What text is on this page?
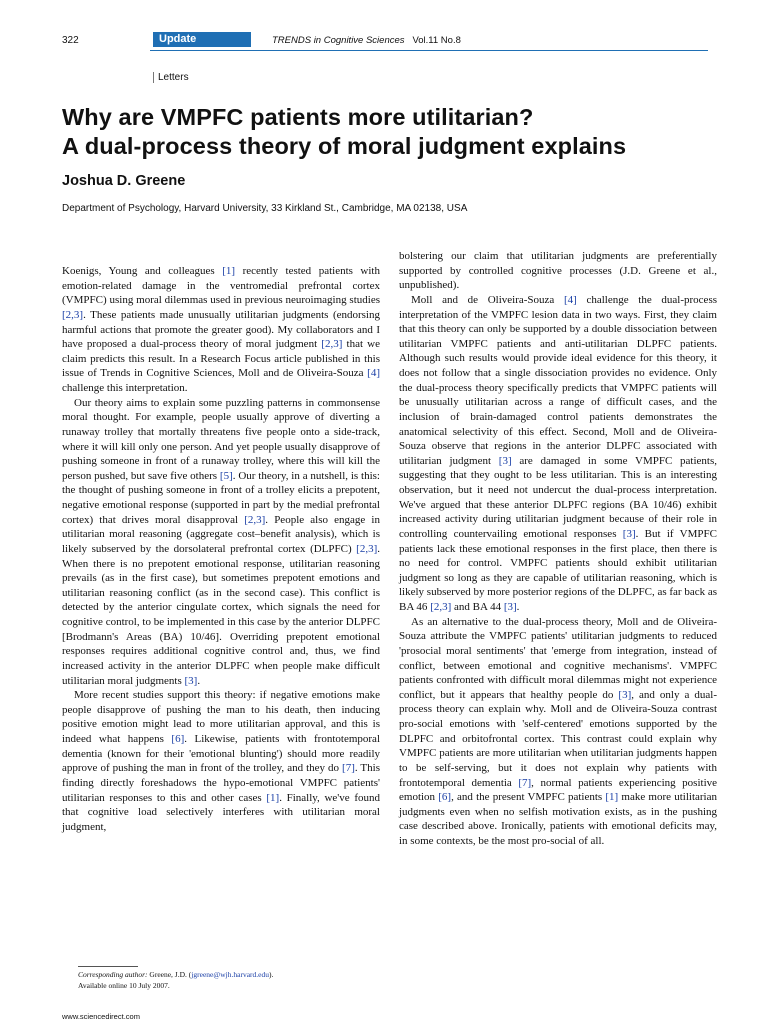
322	Update	TRENDS in Cognitive Sciences Vol.11 No.8
Letters
Why are VMPFC patients more utilitarian?
A dual-process theory of moral judgment explains
Joshua D. Greene
Department of Psychology, Harvard University, 33 Kirkland St., Cambridge, MA 02138, USA

Koenigs, Young and colleagues [1] recently tested patients with emotion-related damage in the ventromedial prefrontal cortex (VMPFC) using moral dilemmas used in previous neuroimaging studies [2,3]. These patients made unusually utilitarian judgments (endorsing harmful actions that promote the greater good). My collaborators and I have proposed a dual-process theory of moral judgment [2,3] that we claim predicts this result. In a Research Focus article published in this issue of Trends in Cognitive Sciences, Moll and de Oliveira-Souza [4] challenge this interpretation.

Our theory aims to explain some puzzling patterns in commonsense moral thought. For example, people usually approve of diverting a runaway trolley that mortally threatens five people onto a side-track, where it will kill only one person. And yet people usually disapprove of pushing someone in front of a runaway trolley, where this will kill the person pushed, but save five others [5]. Our theory, in a nutshell, is this: the thought of pushing someone in front of a trolley elicits a prepotent, negative emotional response (supported in part by the medial prefrontal cortex) that drives moral disapproval [2,3]. People also engage in utilitarian moral reasoning (aggregate cost–benefit analysis), which is likely subserved by the dorsolateral prefrontal cortex (DLPFC) [2,3]. When there is no prepotent emotional response, utilitarian reasoning prevails (as in the first case), but sometimes prepotent emotions and utilitarian reasoning conflict (as in the second case). This conflict is detected by the anterior cingulate cortex, which signals the need for cognitive control, to be implemented in this case by the anterior DLPFC [Brodmann's Areas (BA) 10/46]. Overriding prepotent emotional responses requires additional cognitive control and, thus, we find increased activity in the anterior DLPFC when people make difficult utilitarian moral judgments [3].

More recent studies support this theory: if negative emotions make people disapprove of pushing the man to his death, then inducing positive emotion might lead to more utilitarian approval, and this is indeed what happens [6]. Likewise, patients with frontotemporal dementia (known for their 'emotional blunting') should more readily approve of pushing the man in front of the trolley, and they do [7]. This finding directly foreshadows the hypo-emotional VMPFC patients' utilitarian responses to this and other cases [1]. Finally, we've found that cognitive load selectively interferes with utilitarian moral judgment,

bolstering our claim that utilitarian judgments are preferentially supported by controlled cognitive processes (J.D. Greene et al., unpublished).

Moll and de Oliveira-Souza [4] challenge the dual-process interpretation of the VMPFC lesion data in two ways. First, they claim that this theory can only be supported by a double dissociation between utilitarian VMPFC patients and anti-utilitarian DLPFC patients. Although such results would provide ideal evidence for this theory, it does not follow that a single dissociation provides no evidence. Only the dual-process theory specifically predicts that VMPFC patients will be unusually utilitarian across a range of difficult cases, and the inclusion of brain-damaged control patients demonstrates the anatomical selectivity of this effect. Second, Moll and de Oliveira-Souza observe that regions in the anterior DLPFC associated with utilitarian judgment [3] are damaged in some VMPFC patients, suggesting that they ought to be less utilitarian. This is an interesting observation, but it need not undercut the dual-process interpretation. We've argued that these anterior DLPFC regions (BA 10/46) exhibit increased activity during utilitarian judgment because of their role in controlling countervailing emotional responses [3]. But if VMPFC patients lack these emotional responses in the first place, then there is no need for control. VMPFC patients should exhibit utilitarian judgment so long as they are capable of utilitarian reasoning, which is likely subserved by more posterior regions of the DLPFC, as far back as BA 46 [2,3] and BA 44 [3].

As an alternative to the dual-process theory, Moll and de Oliveira-Souza attribute the VMPFC patients' utilitarian judgments to reduced 'prosocial moral sentiments' that 'emerge from integration, instead of conflict, between emotional and cognitive mechanisms'. VMPFC patients confronted with difficult moral dilemmas might not experience conflict, but it appears that healthy people do [3], and only a dual-process theory can explain why. Moll and de Oliveira-Souza contrast pro-social emotions with 'self-centered' emotions supported by the DLPFC and orbitofrontal cortex. This contrast could explain why VMPFC patients are more utilitarian when utilitarian judgments happen to be self-serving, but it does not explain why patients with frontotemporal dementia [7], normal patients experiencing positive emotion [6], and the present VMPFC patients [1] make more utilitarian judgments even when no selfish motivation exists, as in the pushing case described above. Ironically, patients with emotional deficits may, in some contexts, be the most pro-social of all.

Corresponding author: Greene, J.D. (jgreene@wjh.harvard.edu).
Available online 10 July 2007.
www.sciencedirect.com
